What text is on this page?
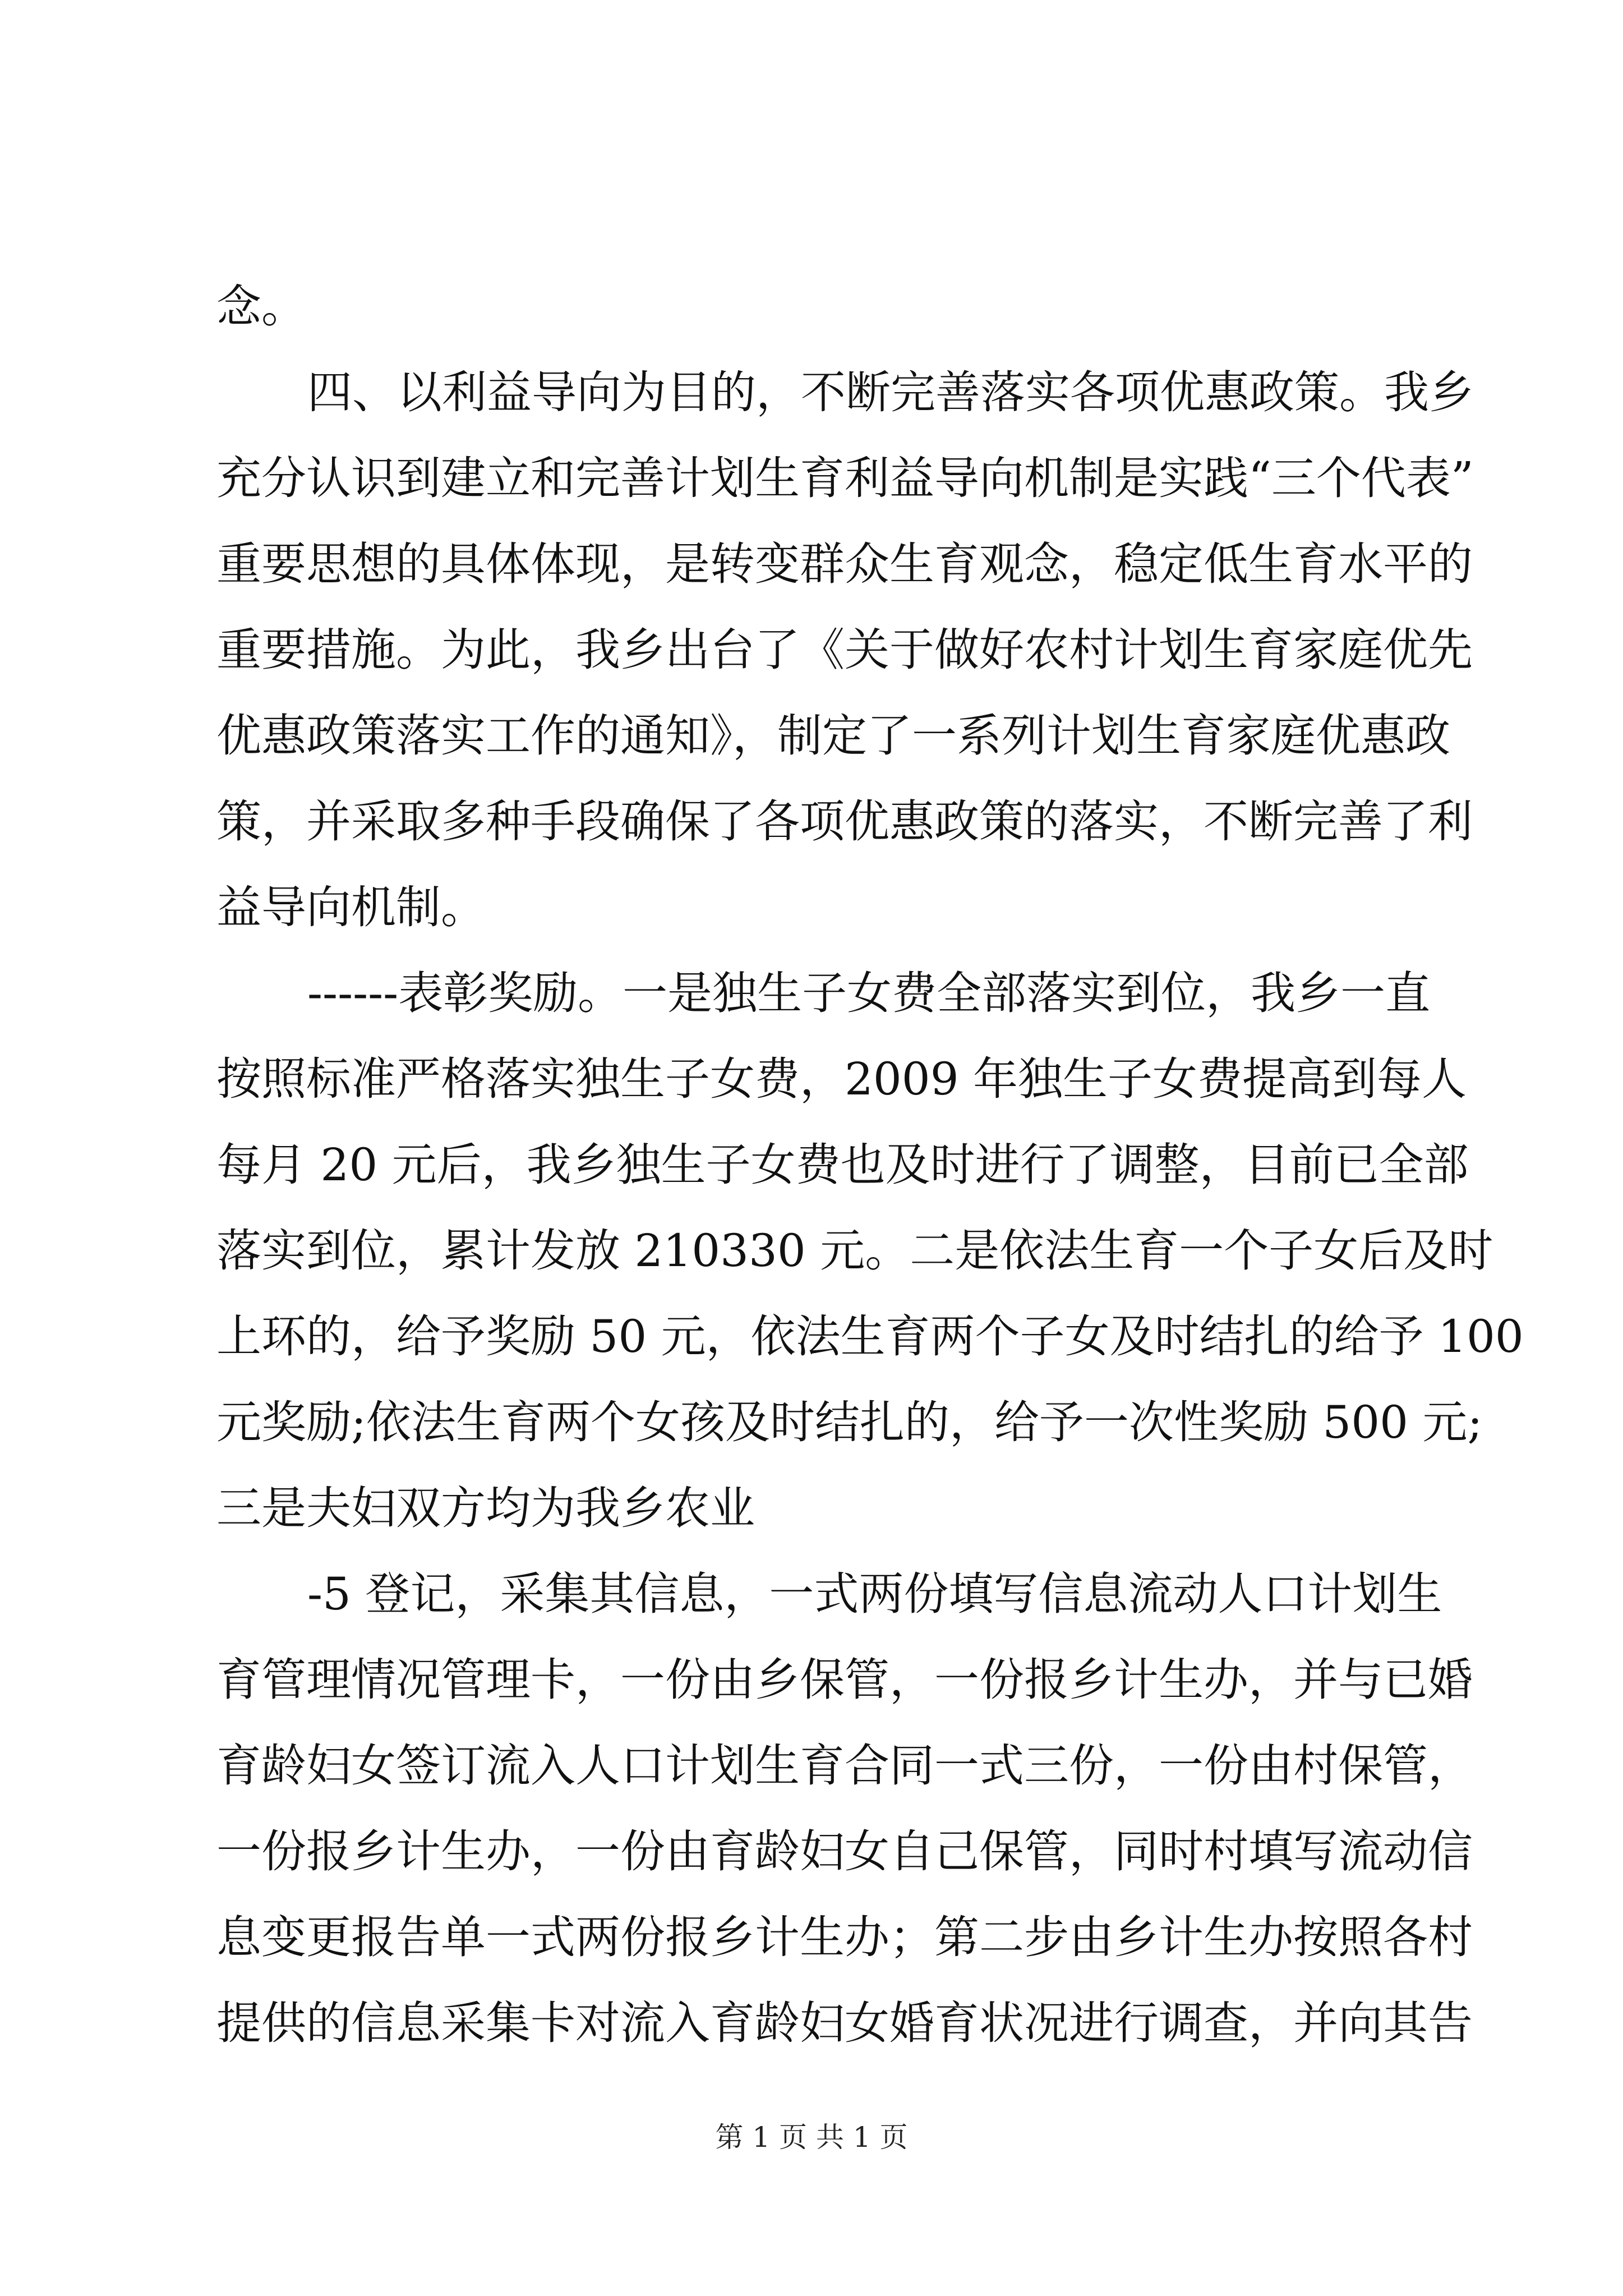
念。
四、以利益导向为目的，不断完善落实各项优惠政策。我乡
充分认识到建立和完善计划生育利益导向机制是实践“三个代表”
重要思想的具体体现，是转变群众生育观念，稳定低生育水平的
重要措施。为此，我乡出台了《关于做好农村计划生育家庭优先
优惠政策落实工作的通知》，制定了一系列计划生育家庭优惠政
策，并采取多种手段确保了各项优惠政策的落实，不断完善了利
益导向机制。
------表彰奖励。一是独生子女费全部落实到位，我乡一直
按照标准严格落实独生子女费，2009 年独生子女费提高到每人
每月 20 元后，我乡独生子女费也及时进行了调整，目前已全部
落实到位，累计发放 210330 元。二是依法生育一个子女后及时
上环的，给予奖励 50 元，依法生育两个子女及时结扎的给予 100
元奖励;依法生育两个女孩及时结扎的，给予一次性奖励 500 元;
三是夫妇双方均为我乡农业
-5 登记，采集其信息，一式两份填写信息流动人口计划生
育管理情况管理卡，一份由乡保管，一份报乡计生办，并与已婚
育龄妇女签订流入人口计划生育合同一式三份，一份由村保管，
一份报乡计生办，一份由育龄妇女自己保管，同时村填写流动信
息变更报告单一式两份报乡计生办；第二步由乡计生办按照各村
提供的信息采集卡对流入育龄妇女婚育状况进行调查，并向其告
第 1 页 共 1 页
